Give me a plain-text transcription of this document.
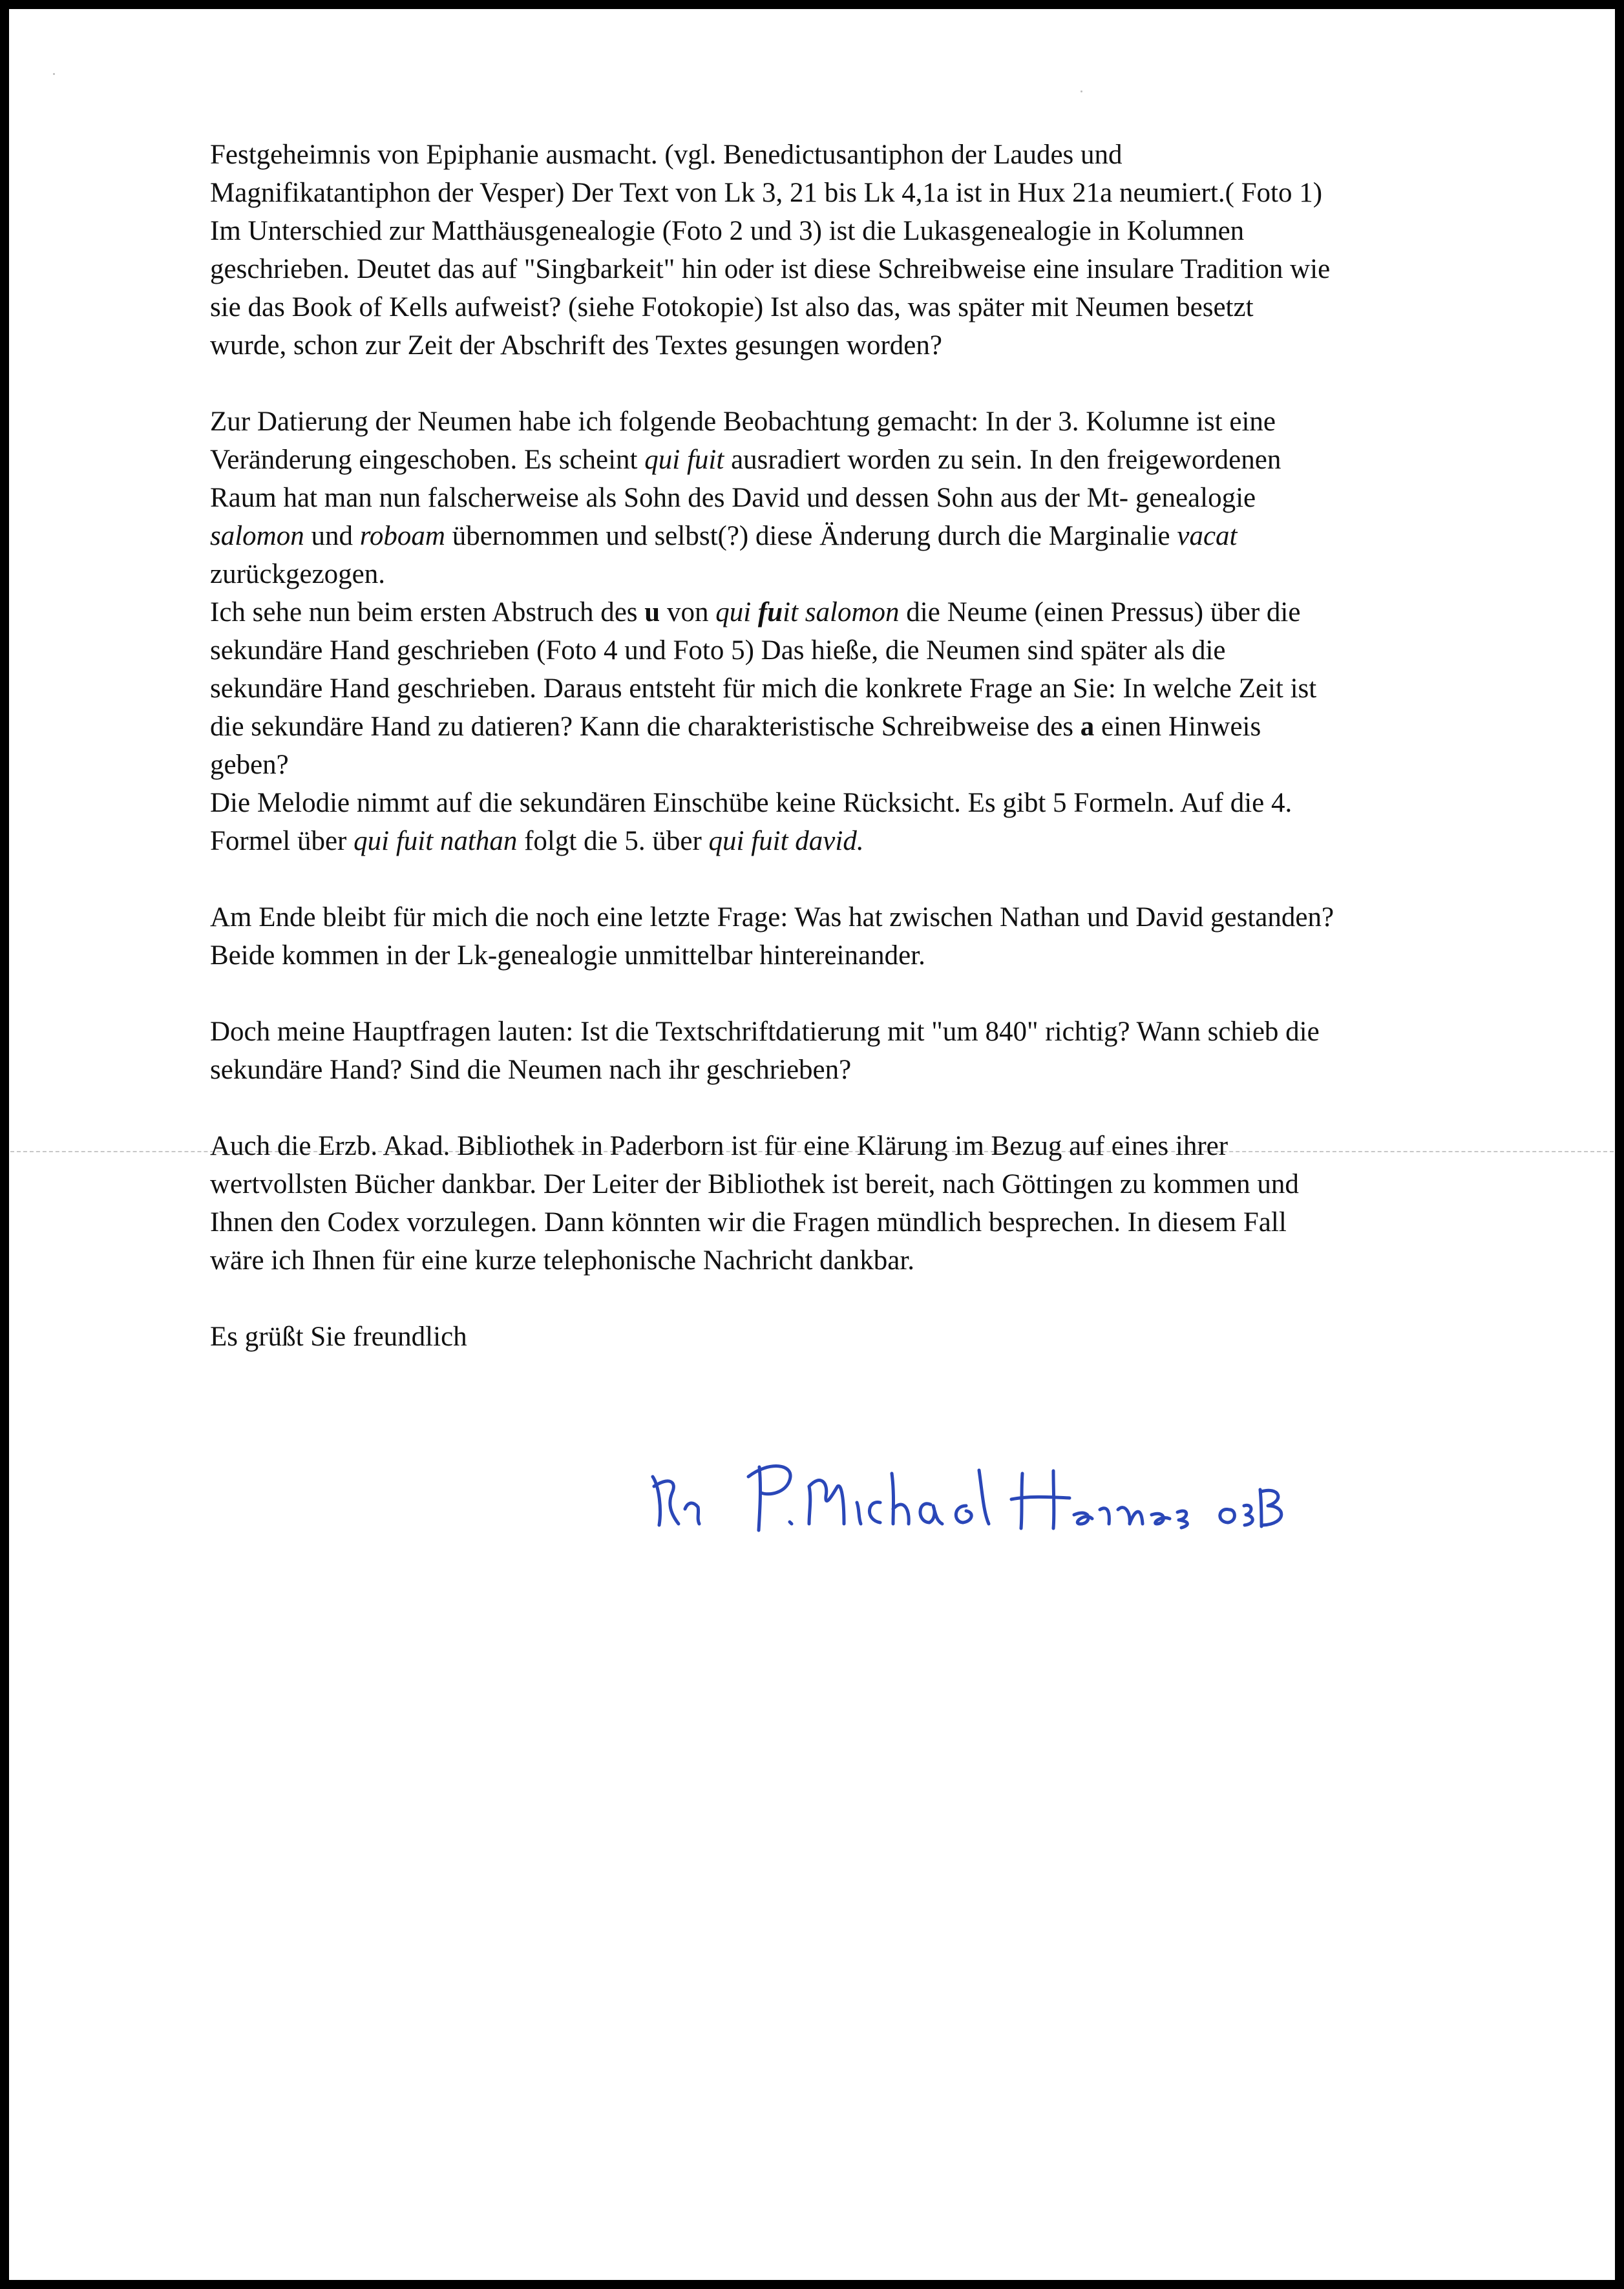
Festgeheimnis von Epiphanie ausmacht. (vgl. Benedictusantiphon der Laudes und
Magnifikatantiphon der Vesper) Der Text von Lk 3, 21 bis Lk 4,1a ist in Hux 21a neumiert.( Foto 1)
Im Unterschied zur Matthäusgenealogie (Foto 2 und 3) ist die Lukasgenealogie in Kolumnen
geschrieben. Deutet das auf "Singbarkeit" hin oder ist diese Schreibweise eine insulare Tradition wie
sie das Book of Kells aufweist? (siehe Fotokopie) Ist also das, was später mit Neumen besetzt
wurde, schon zur Zeit der Abschrift des Textes gesungen worden?

Zur Datierung der Neumen habe ich folgende Beobachtung gemacht: In der 3. Kolumne ist eine
Veränderung eingeschoben. Es scheint qui fuit ausradiert worden zu sein. In den freigewordenen
Raum hat man nun falscherweise als Sohn des David und dessen Sohn aus der Mt- genealogie
salomon und roboam übernommen und selbst(?) diese Änderung durch die Marginalie vacat
zurückgezogen.

Ich sehe nun beim ersten Abstruch des u von qui fuit salomon die Neume (einen Pressus) über die
sekundäre Hand geschrieben (Foto 4 und Foto 5) Das hieße, die Neumen sind später als die
sekundäre Hand geschrieben. Daraus entsteht für mich die konkrete Frage an Sie: In welche Zeit ist
die sekundäre Hand zu datieren? Kann die charakteristische Schreibweise des a einen Hinweis
geben?

Die Melodie nimmt auf die sekundären Einschübe keine Rücksicht. Es gibt 5 Formeln. Auf die 4.
Formel über qui fuit nathan folgt die 5. über qui fuit david.

Am Ende bleibt für mich die noch eine letzte Frage: Was hat zwischen Nathan und David gestanden?
Beide kommen in der Lk-genealogie unmittelbar hintereinander.

Doch meine Hauptfragen lauten: Ist die Textschriftdatierung mit "um 840" richtig? Wann schieb die
sekundäre Hand? Sind die Neumen nach ihr geschrieben?

Auch die Erzb. Akad. Bibliothek in Paderborn ist für eine Klärung im Bezug auf eines ihrer
wertvollsten Bücher dankbar. Der Leiter der Bibliothek ist bereit, nach Göttingen zu kommen und
Ihnen den Codex vorzulegen. Dann könnten wir die Fragen mündlich besprechen. In diesem Fall
wäre ich Ihnen für eine kurze telephonische Nachricht dankbar.

Es grüßt Sie freundlich
